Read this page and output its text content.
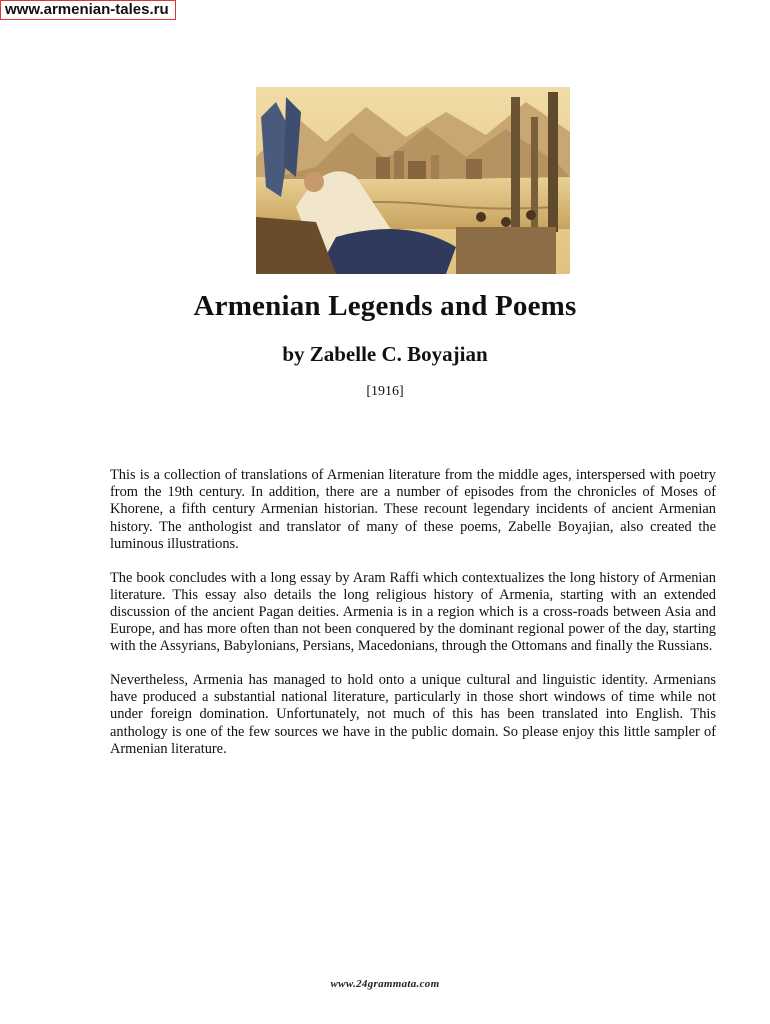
www.armenian-tales.ru
Armenian Legends and Poems
by Zabelle C. Boyajian
[1916]

This is a collection of translations of Armenian literature from the middle ages, interspersed with poetry from the 19th century. In addition, there are a number of episodes from the chronicles of Moses of Khorene, a fifth century Armenian historian. These recount legendary incidents of ancient Armenian history. The anthologist and translator of many of these poems, Zabelle Boyajian, also created the luminous illustrations.

The book concludes with a long essay by Aram Raffi which contextualizes the long history of Armenian literature. This essay also details the long religious history of Armenia, starting with an extended discussion of the ancient Pagan deities. Armenia is in a region which is a cross-roads between Asia and Europe, and has more often than not been conquered by the dominant regional power of the day, starting with the Assyrians, Babylonians, Persians, Macedonians, through the Ottomans and finally the Russians.

Nevertheless, Armenia has managed to hold onto a unique cultural and linguistic identity. Armenians have produced a substantial national literature, particularly in those short windows of time while not under foreign domination. Unfortunately, not much of this has been translated into English. This anthology is one of the few sources we have in the public domain. So please enjoy this little sampler of Armenian literature.

www.24grammata.com
